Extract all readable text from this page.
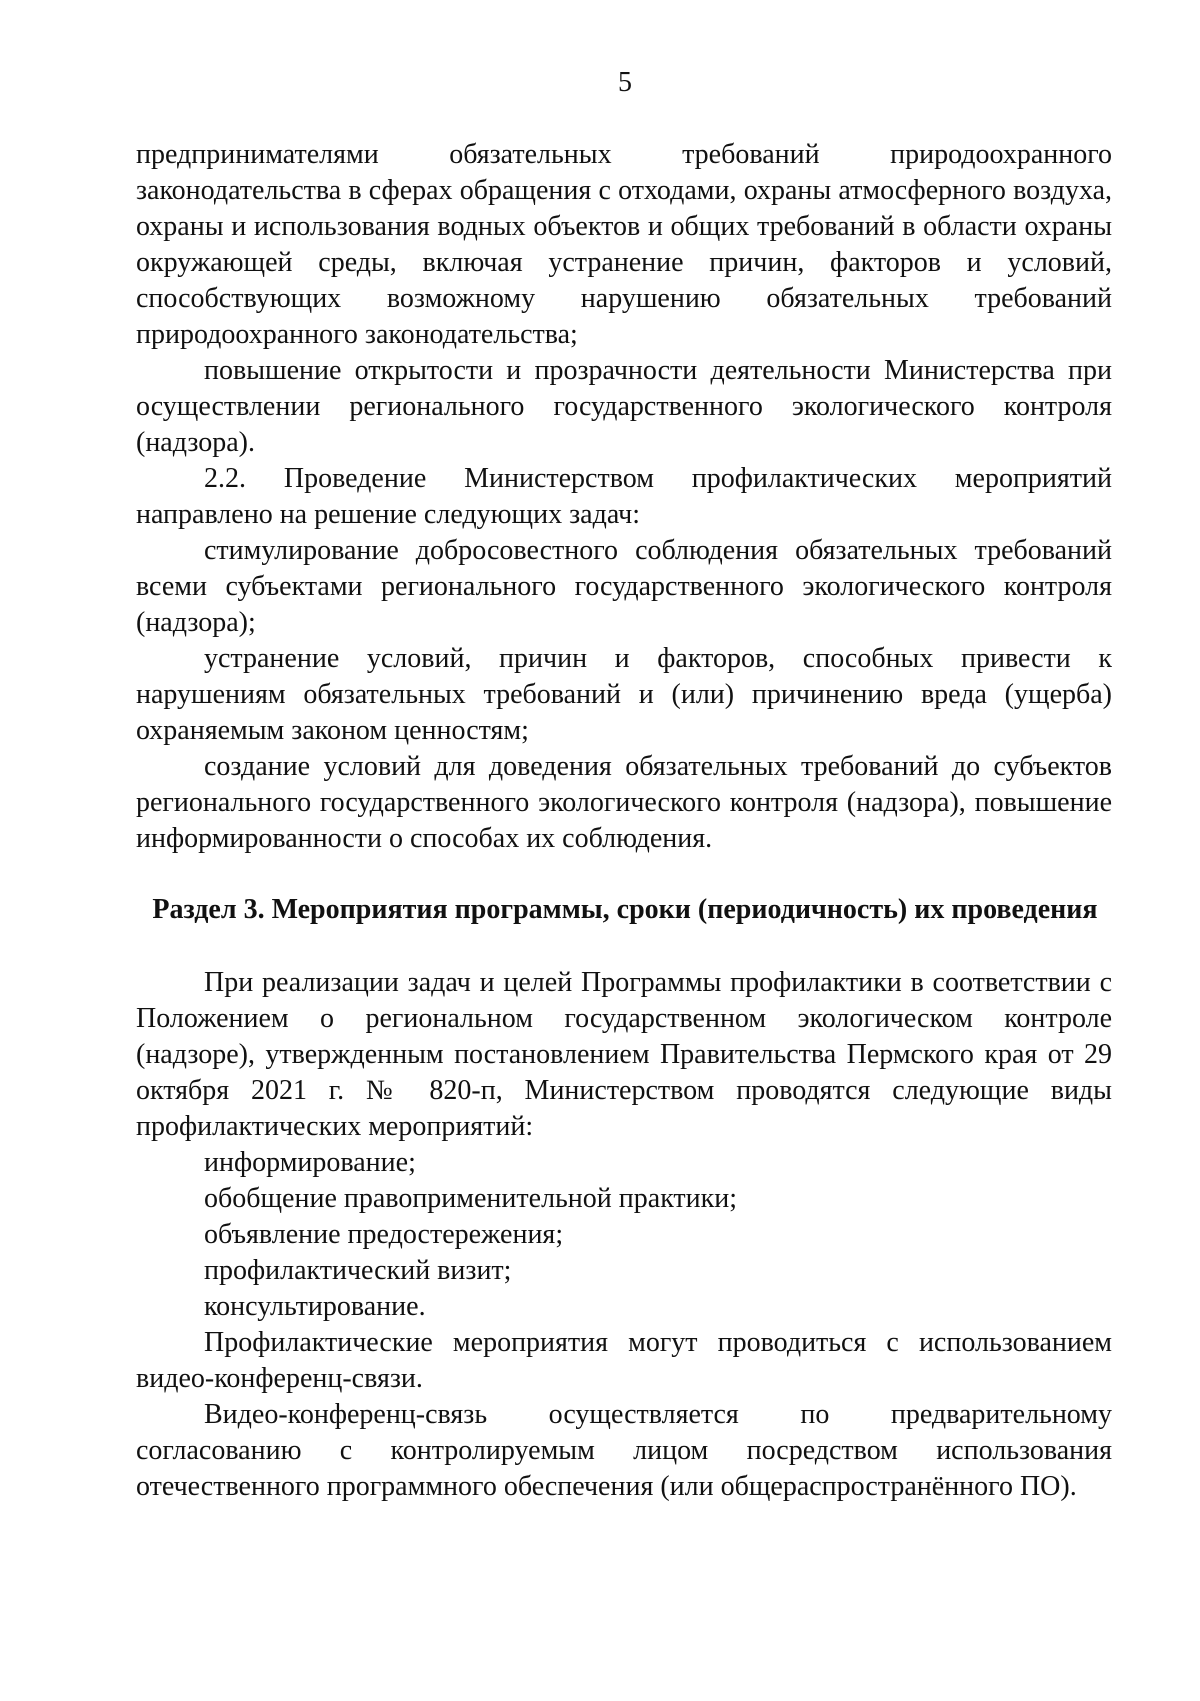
5

предпринимателями обязательных требований природоохранного законодательства в сферах обращения с отходами, охраны атмосферного воздуха, охраны и использования водных объектов и общих требований в области охраны окружающей среды, включая устранение причин, факторов и условий, способствующих возможному нарушению обязательных требований природоохранного законодательства;

повышение открытости и прозрачности деятельности Министерства при осуществлении регионального государственного экологического контроля (надзора).

2.2. Проведение Министерством профилактических мероприятий направлено на решение следующих задач:

стимулирование добросовестного соблюдения обязательных требований всеми субъектами регионального государственного экологического контроля (надзора);

устранение условий, причин и факторов, способных привести к нарушениям обязательных требований и (или) причинению вреда (ущерба) охраняемым законом ценностям;

создание условий для доведения обязательных требований до субъектов регионального государственного экологического контроля (надзора), повышение информированности о способах их соблюдения.

Раздел 3. Мероприятия программы, сроки (периодичность) их проведения

При реализации задач и целей Программы профилактики в соответствии с Положением о региональном государственном экологическом контроле (надзоре), утвержденным постановлением Правительства Пермского края от 29 октября 2021 г. № 820-п, Министерством проводятся следующие виды профилактических мероприятий:

информирование;

обобщение правоприменительной практики;

объявление предостережения;

профилактический визит;

консультирование.

Профилактические мероприятия могут проводиться с использованием видео-конференц-связи.

Видео-конференц-связь осуществляется по предварительному согласованию с контролируемым лицом посредством использования отечественного программного обеспечения (или общераспространённого ПО).
